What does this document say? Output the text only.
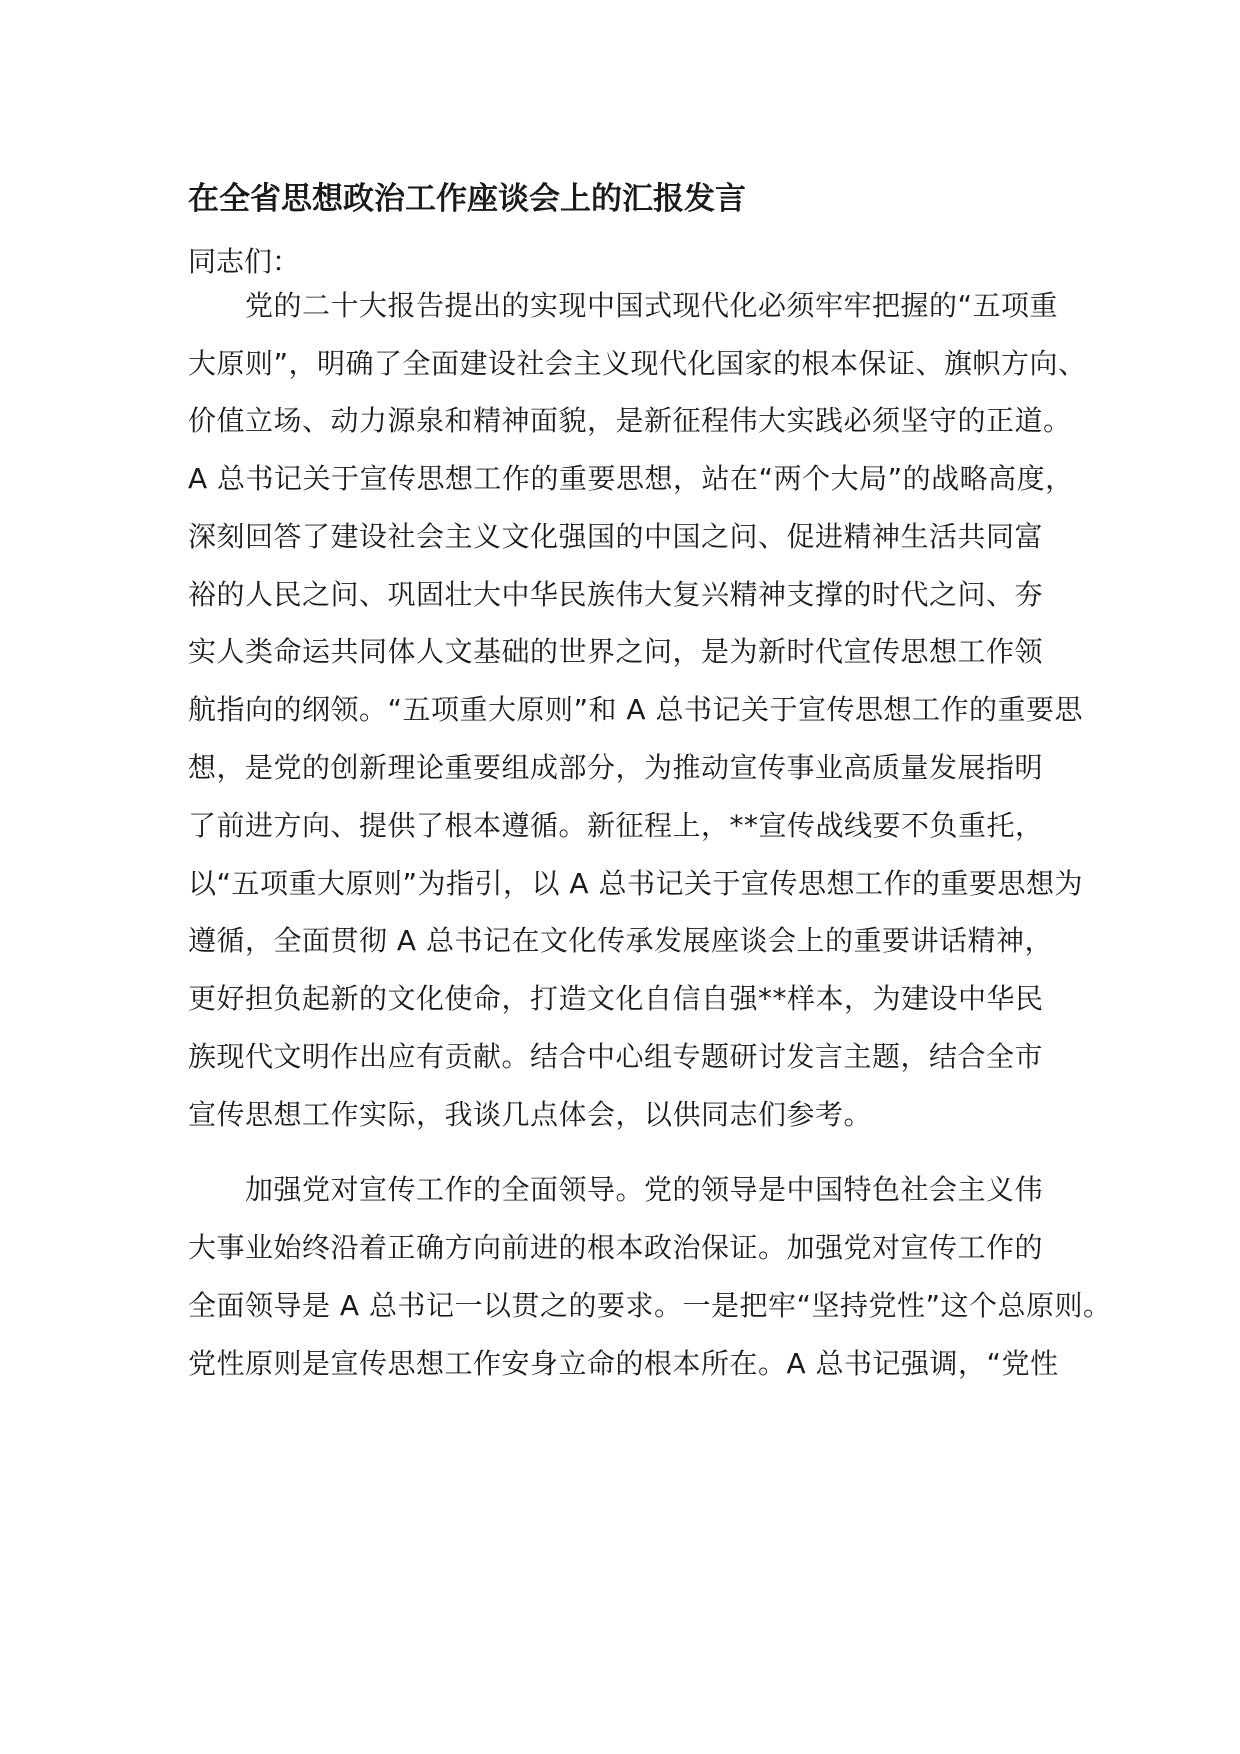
在全省思想政治工作座谈会上的汇报发言
同志们：
　　党的二十大报告提出的实现中国式现代化必须牢牢把握的“五项重
大原则”，明确了全面建设社会主义现代化国家的根本保证、旗帜方向、
价值立场、动力源泉和精神面貌，是新征程伟大实践必须坚守的正道。
A 总书记关于宣传思想工作的重要思想，站在“两个大局”的战略高度，
深刻回答了建设社会主义文化强国的中国之问、促进精神生活共同富
裕的人民之问、巩固壮大中华民族伟大复兴精神支撑的时代之问、夯
实人类命运共同体人文基础的世界之问，是为新时代宣传思想工作领
航指向的纲领。“五项重大原则”和 A 总书记关于宣传思想工作的重要思
想，是党的创新理论重要组成部分，为推动宣传事业高质量发展指明
了前进方向、提供了根本遵循。新征程上，**宣传战线要不负重托，
以“五项重大原则”为指引，以 A 总书记关于宣传思想工作的重要思想为
遵循，全面贯彻 A 总书记在文化传承发展座谈会上的重要讲话精神，
更好担负起新的文化使命，打造文化自信自强**样本，为建设中华民
族现代文明作出应有贡献。结合中心组专题研讨发言主题，结合全市
宣传思想工作实际，我谈几点体会，以供同志们参考。
　　加强党对宣传工作的全面领导。党的领导是中国特色社会主义伟
大事业始终沿着正确方向前进的根本政治保证。加强党对宣传工作的
全面领导是 A 总书记一以贯之的要求。一是把牢“坚持党性”这个总原则。
党性原则是宣传思想工作安身立命的根本所在。A 总书记强调，“党性
